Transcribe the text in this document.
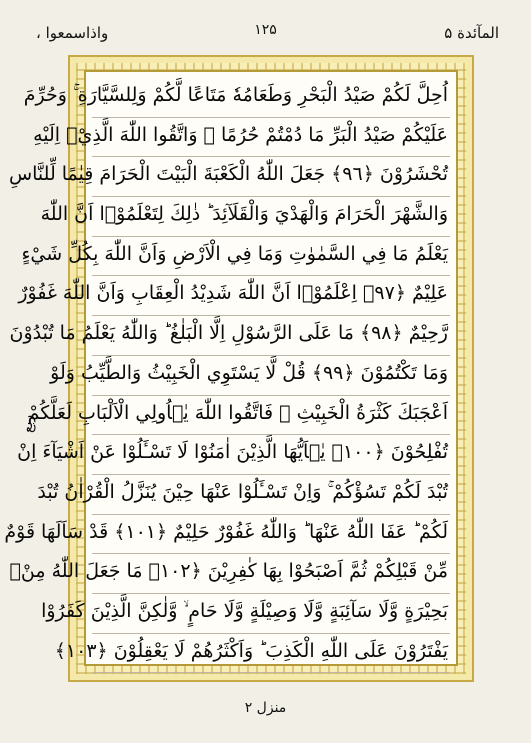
المآئدة ۵
۱۲۵
واذاسمعوا ،
ربع
اُحِلَّ لَكُمْ صَيْدُ الْبَحْرِ وَطَعَامُهٗ مَتَاعًا لَّكُمْ وَلِلسَّيَّارَةِ ۚ وَحُرِّمَ
عَلَيْكُمْ صَيْدُ الْبَرِّ مَا دُمْتُمْ حُرُمًا ۗ وَاتَّقُوا اللّٰهَ الَّذِيْۤ اِلَيْهِ
تُحْشَرُوْنَ ﴿٩٦﴾ جَعَلَ اللّٰهُ الْكَعْبَةَ الْبَيْتَ الْحَرَامَ قِيٰمًا لِّلنَّاسِ
وَالشَّهْرَ الْحَرَامَ وَالْهَدْيَ وَالْقَلَآئِدَ ؕ ذٰلِكَ لِتَعْلَمُوْۤا اَنَّ اللّٰهَ
يَعْلَمُ مَا فِي السَّمٰوٰتِ وَمَا فِي الْاَرْضِ وَاَنَّ اللّٰهَ بِكُلِّ شَيْءٍ
عَلِيْمٌ ﴿٩٧﴾ اِعْلَمُوْۤا اَنَّ اللّٰهَ شَدِيْدُ الْعِقَابِ وَاَنَّ اللّٰهَ غَفُوْرٌ
رَّحِيْمٌ ﴿٩٨﴾ مَا عَلَى الرَّسُوْلِ اِلَّا الْبَلٰغُ ؕ وَاللّٰهُ يَعْلَمُ مَا تُبْدُوْنَ
وَمَا تَكْتُمُوْنَ ﴿٩٩﴾ قُلْ لَّا يَسْتَوِي الْخَبِيْثُ وَالطَّيِّبُ وَلَوْ
اَعْجَبَكَ كَثْرَةُ الْخَبِيْثِ ۚ فَاتَّقُوا اللّٰهَ يٰۤاُولِي الْاَلْبَابِ لَعَلَّكُمْ
تُفْلِحُوْنَ ﴿١٠٠﴾ يٰۤاَيُّهَا الَّذِيْنَ اٰمَنُوْا لَا تَسْـَٔلُوْا عَنْ اَشْيَآءَ اِنْ
تُبْدَ لَكُمْ تَسُؤْكُمْ ۚ وَاِنْ تَسْـَٔلُوْا عَنْهَا حِيْنَ يُنَزَّلُ الْقُرْاٰنُ تُبْدَ
لَكُمْ ؕ عَفَا اللّٰهُ عَنْهَا ؕ وَاللّٰهُ غَفُوْرٌ حَلِيْمٌ ﴿١٠١﴾ قَدْ سَاَلَهَا قَوْمٌ
مِّنْ قَبْلِكُمْ ثُمَّ اَصْبَحُوْا بِهَا كٰفِرِيْنَ ﴿١٠٢﴾ مَا جَعَلَ اللّٰهُ مِنْۢ
بَحِيْرَةٍ وَّلَا سَآئِبَةٍ وَّلَا وَصِيْلَةٍ وَّلَا حَامٍ ۙ وَّلٰكِنَّ الَّذِيْنَ كَفَرُوْا
يَفْتَرُوْنَ عَلَى اللّٰهِ الْكَذِبَ ؕ وَاَكْثَرُهُمْ لَا يَعْقِلُوْنَ ﴿١٠٣﴾
منزل ۲
